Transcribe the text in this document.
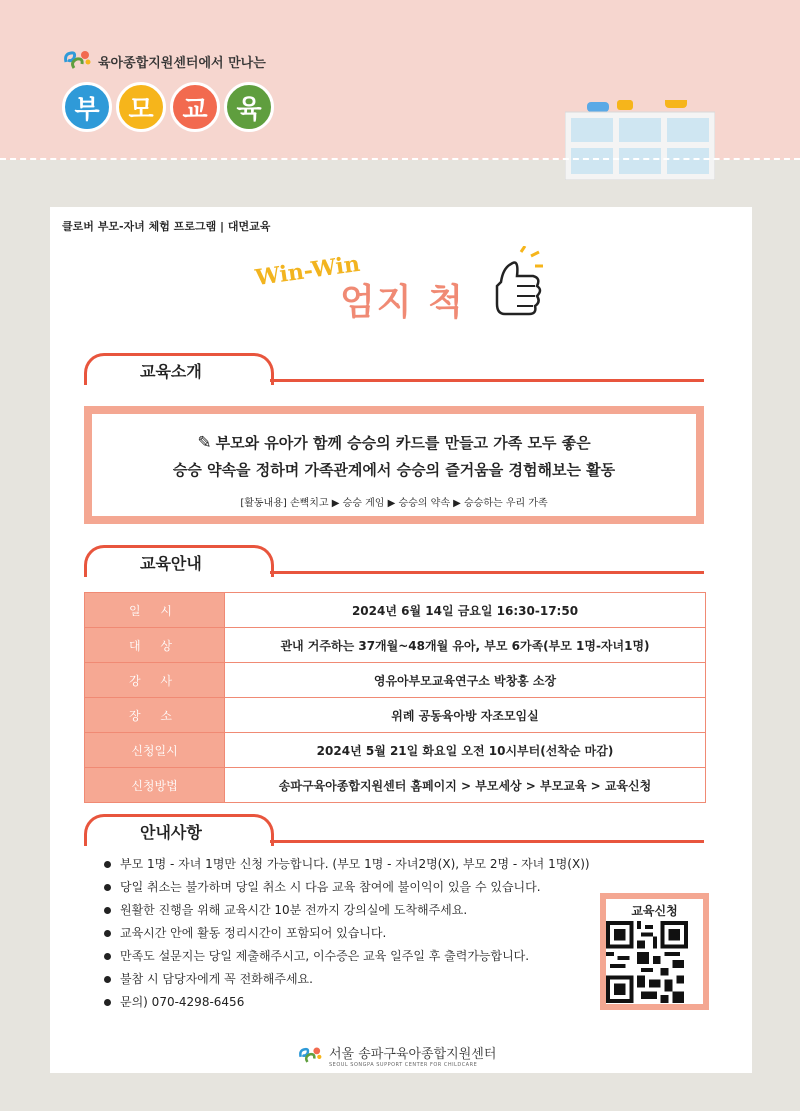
육아종합지원센터에서 만나는
부	모	교	육
클로버 부모-자녀 체험 프로그램 | 대면교육
Win-Win
엄지 척
교육소개
✎ 부모와 유아가 함께 승승의 카드를 만들고 가족 모두 좋은
승승 약속을 정하며 가족관계에서 승승의 즐거움을 경험해보는 활동
[활동내용] 손뼉치고 ▶ 승승 게임 ▶ 승승의 약속 ▶ 승승하는 우리 가족
교육안내
일 시	2024년 6월 14일 금요일 16:30-17:50
대 상	관내 거주하는 37개월~48개월 유아, 부모 6가족(부모 1명-자녀1명)
강 사	영유아부모교육연구소 박창홍 소장
장 소	위례 공동육아방 자조모임실
신청일시	2024년 5월 21일 화요일 오전 10시부터(선착순 마감)
신청방법	송파구육아종합지원센터 홈페이지 > 부모세상 > 부모교육 > 교육신청
안내사항
부모 1명 - 자녀 1명만 신청 가능합니다. (부모 1명 - 자녀2명(X), 부모 2명 - 자녀 1명(X))
당일 취소는 불가하며 당일 취소 시 다음 교육 참여에 불이익이 있을 수 있습니다.
원활한 진행을 위해 교육시간 10분 전까지 강의실에 도착해주세요.
교육시간 안에 활동 정리시간이 포함되어 있습니다.
만족도 설문지는 당일 제출해주시고, 이수증은 교육 일주일 후 출력가능합니다.
불참 시 담당자에게 꼭 전화해주세요.
문의) 070-4298-6456
교육신청
서울 송파구육아종합지원센터
SEOUL SONGPA SUPPORT CENTER FOR CHILDCARE
